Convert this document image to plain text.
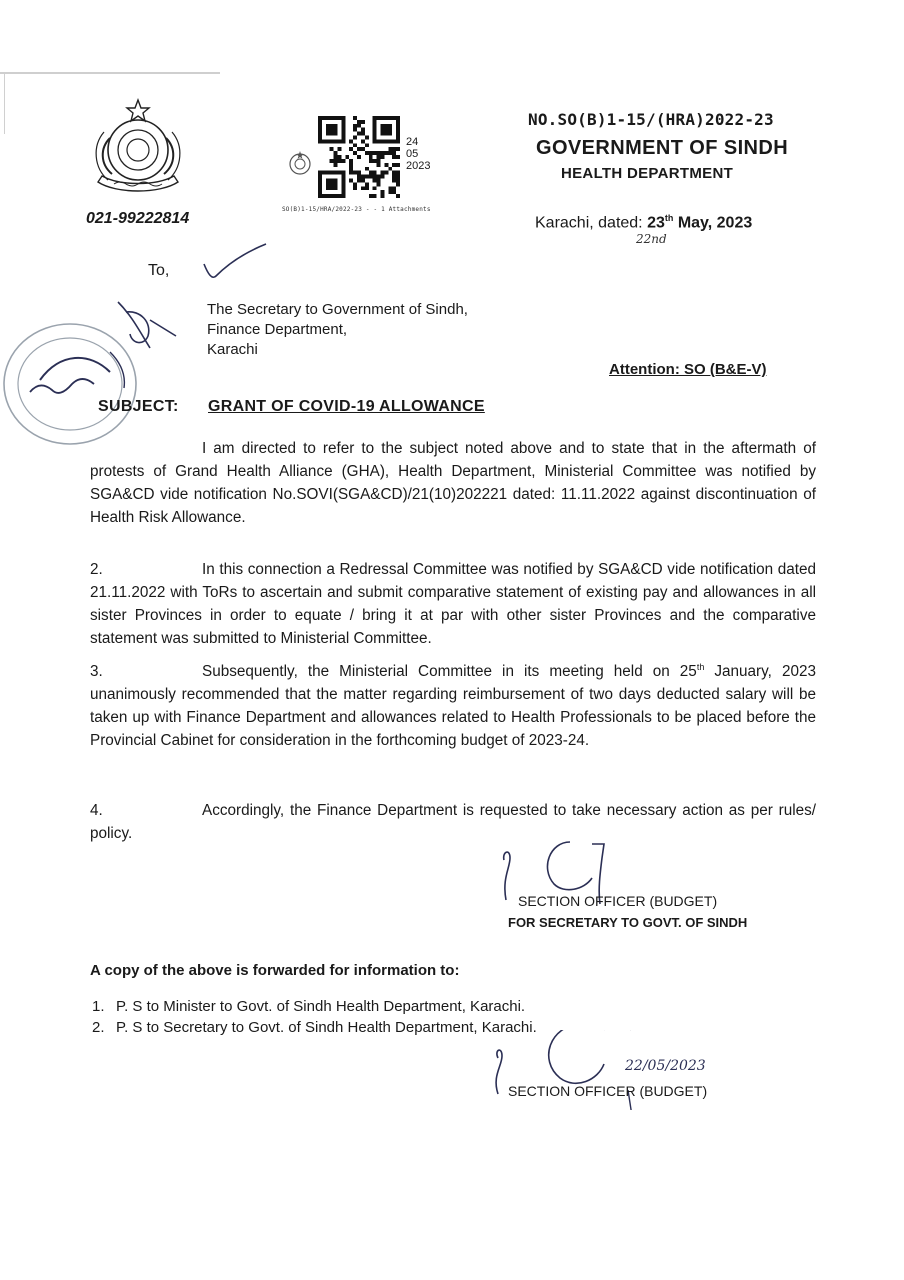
24
05
2023
SO(B)1-15/HRA/2022-23 - - 1 Attachments
NO.SO(B)1-15/(HRA)2022-23
GOVERNMENT OF SINDH
HEALTH DEPARTMENT
021-99222814	Karachi, dated: 23th May, 2023
22nd
To,
The Secretary to Government of Sindh,
Finance Department,
Karachi
Attention: SO (B&E-V)
SUBJECT: GRANT OF COVID-19 ALLOWANCE
I am directed to refer to the subject noted above and to state that in the aftermath of protests of Grand Health Alliance (GHA), Health Department, Ministerial Committee was notified by SGA&CD vide notification No.SOVI(SGA&CD)/21(10)202221 dated: 11.11.2022 against discontinuation of Health Risk Allowance.
2.	In this connection a Redressal Committee was notified by SGA&CD vide notification dated 21.11.2022 with ToRs to ascertain and submit comparative statement of existing pay and allowances in all sister Provinces in order to equate / bring it at par with other sister Provinces and the comparative statement was submitted to Ministerial Committee.
3.	Subsequently, the Ministerial Committee in its meeting held on 25th January, 2023 unanimously recommended that the matter regarding reimbursement of two days deducted salary will be taken up with Finance Department and allowances related to Health Professionals to be placed before the Provincial Cabinet for consideration in the forthcoming budget of 2023-24.
4.	Accordingly, the Finance Department is requested to take necessary action as per rules/ policy.
SECTION OFFICER (BUDGET)
FOR SECRETARY TO GOVT. OF SINDH
A copy of the above is forwarded for information to:
1. P. S to Minister to Govt. of Sindh Health Department, Karachi.
2. P. S to Secretary to Govt. of Sindh Health Department, Karachi.
22/05/2023
SECTION OFFICER (BUDGET)
